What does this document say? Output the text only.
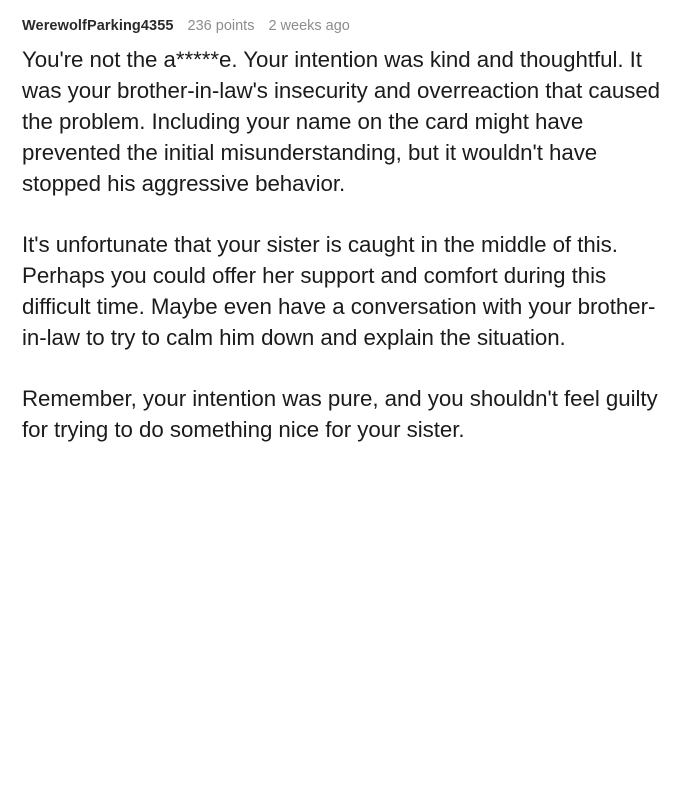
WerewolfParking4355 236 points 2 weeks ago

You're not the a*****e. Your intention was kind and thoughtful. It was your brother-in-law's insecurity and overreaction that caused the problem. Including your name on the card might have prevented the initial misunderstanding, but it wouldn't have stopped his aggressive behavior.

It's unfortunate that your sister is caught in the middle of this. Perhaps you could offer her support and comfort during this difficult time. Maybe even have a conversation with your brother-in-law to try to calm him down and explain the situation.

Remember, your intention was pure, and you shouldn't feel guilty for trying to do something nice for your sister.
